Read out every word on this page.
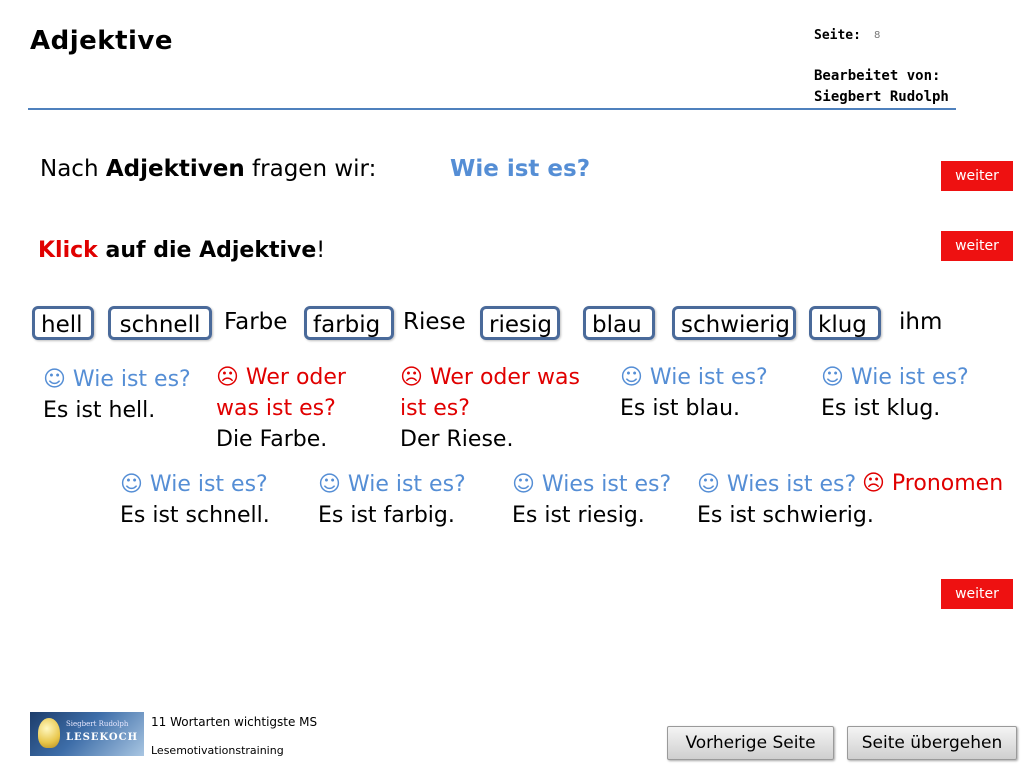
Adjektive	Seite: 8
Bearbeitet von:
Siegbert Rudolph
Nach Adjektiven fragen wir:	Wie ist es?
Klick auf die Adjektive!
weiter
weiter
weiter
hell	schnell	Farbe	farbig Riese	riesig	blau	schwierig	klug	ihm
☺ Wie ist es?
Es ist hell.
☹ Wer oder
was ist es?
Die Farbe.
☹ Wer oder was
ist es?
Der Riese.
☺ Wie ist es?
Es ist blau.
☺ Wie ist es?
Es ist klug.
☺ Wie ist es?
Es ist schnell.
☺ Wie ist es?
Es ist farbig.
☺ Wies ist es?
Es ist riesig.
☺ Wies ist es?
Es ist schwierig.
☹ Pronomen
Siegbert Rudolph
LESEKOCH
11 Wortarten wichtigste MS
Lesemotivationstraining	Vorherige Seite	Seite übergehen
